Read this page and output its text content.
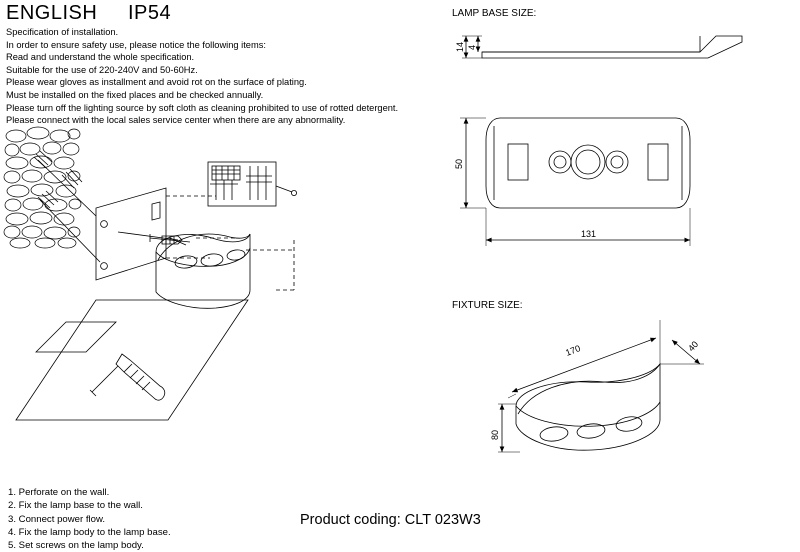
ENGLISH IP54
Specification of installation.
In order to ensure safety use, please notice the following items:
Read and understand the whole specification.
Suitable for the use of 220-240V and 50-60Hz.
Please wear gloves as installment and avoid rot on the surface of plating.
Must be installed on the fixed places and be checked annually.
Please turn off the lighting source by soft cloth as cleaning prohibited to use of rotted detergent.
Please connect with the local sales service center when there are any abnormality.
LAMP BASE SIZE:
FIXTURE SIZE:
1. Perforate on the wall.
2. Fix the lamp base to the wall.
3. Connect power flow.
4. Fix the lamp body to the lamp base.
5. Set screws on the lamp body.
Product coding: CLT 023W3
14 4
50
131
170	40
80
